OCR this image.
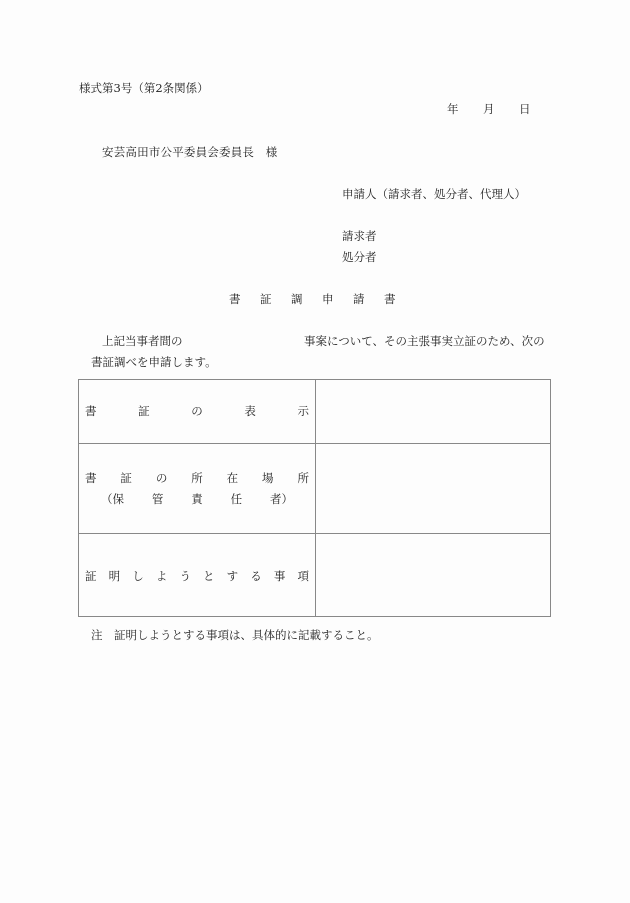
様式第3号（第2条関係）
年	月	日
安芸高田市公平委員会委員長　様
申請人（請求者、処分者、代理人）
請求者
処分者
書	証	調	申	請	書
上記当事者間の	事案について、その主張事実立証のため、次の
書証調べを申請します。
書	証	の	表	示
書 証 の 所 在 場 所
（保 管 責 任 者）
証 明 し よ う と す る 事 項
注　証明しようとする事項は、具体的に記載すること。
